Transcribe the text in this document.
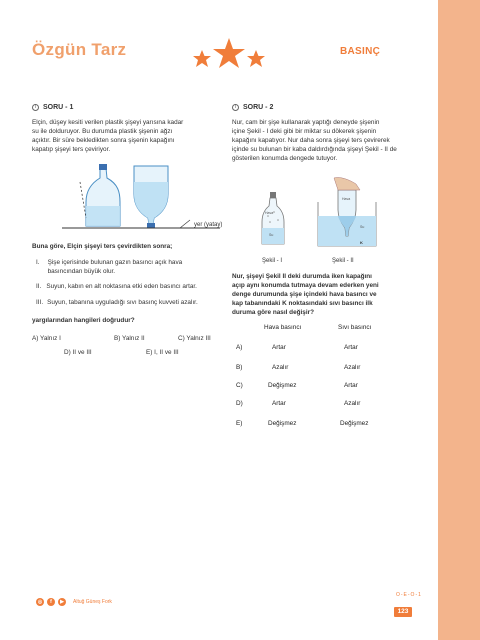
Özgün Tarz	BASINÇ
i SORU - 1
Elçin, düşey kesiti verilen plastik şişeyi yarısına kadar
su ile dolduruyor. Bu durumda plastik şişenin ağzı
açıktır. Bir süre bekledikten sonra şişenin kapağını
kapatıp şişeyi ters çeviriyor.
yer (yatay)
Buna göre, Elçin şişeyi ters çevirdikten sonra;
I. Şişe içerisinde bulunan gazın basıncı açık hava
basıncından büyük olur.
II. Suyun, kabın en alt noktasına etki eden basıncı artar.
III. Suyun, tabanına uyguladığı sıvı basınç kuvveti azalır.
yargılarından hangileri doğrudur?
A) Yalnız I	B) Yalnız II	C) Yalnız III
D) II ve III	E) I, II ve III
i SORU - 2
Nur, cam bir şişe kullanarak yaptığı deneyde şişenin
içine Şekil - I deki gibi bir miktar su dökerek şişenin
kapağını kapatıyor. Nur daha sonra şişeyi ters çevirerek
içinde su bulunan bir kaba daldırdığında şişeyi Şekil - II de
gösterilen konumda dengede tutuyor.
Hava
Su
Hava
Su
K
Şekil - I	Şekil - II
Nur, şişeyi Şekil II deki durumda iken kapağını
açıp aynı konumda tutmaya devam ederken yeni
denge durumunda şişe içindeki hava basıncı ve
kap tabanındaki K noktasındaki sıvı basıncı ilk
duruma göre nasıl değişir?
Hava basıncı	Sıvı basıncı
A)	Artar	Artar
B)	Azalır	Azalır
C)	Değişmez	Artar
D)	Artar	Azalır
E)	Değişmez	Değişmez
◎	f	▶	Altuğ Güneş Fork
O-E-O-1
123
